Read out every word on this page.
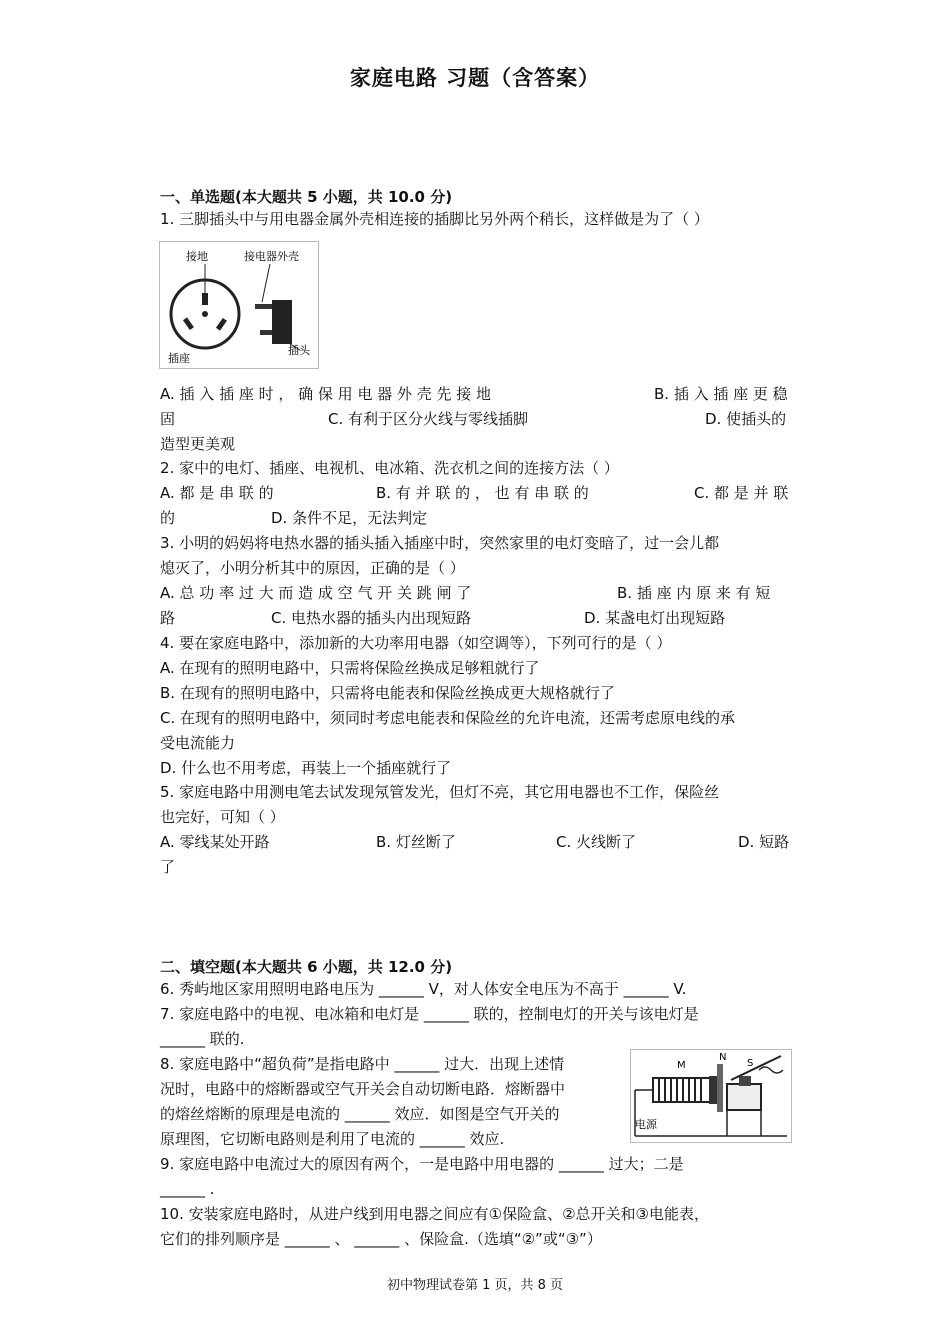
家庭电路 习题（含答案）
一、单选题(本大题共 5 小题，共 10.0 分)
1. 三脚插头中与用电器金属外壳相连接的插脚比另外两个稍长，这样做是为了（ ）
接地	接电器外壳
插座
插头
A. 插 入 插 座 时 ， 确 保 用 电 器 外 壳 先 接 地	B. 插 入 插 座 更 稳
固	C. 有利于区分火线与零线插脚	D. 使插头的
造型更美观
2. 家中的电灯、插座、电视机、电冰箱、洗衣机之间的连接方法（ ）
A. 都 是 串 联 的	B. 有 并 联 的 ， 也 有 串 联 的	C. 都 是 并 联
的	D. 条件不足，无法判定
3. 小明的妈妈将电热水器的插头插入插座中时，突然家里的电灯变暗了，过一会儿都
熄灭了，小明分析其中的原因，正确的是（ ）
A. 总 功 率 过 大 而 造 成 空 气 开 关 跳 闸 了	B. 插 座 内 原 来 有 短
路	C. 电热水器的插头内出现短路	D. 某盏电灯出现短路
4. 要在家庭电路中，添加新的大功率用电器（如空调等），下列可行的是（ ）
A. 在现有的照明电路中，只需将保险丝换成足够粗就行了
B. 在现有的照明电路中，只需将电能表和保险丝换成更大规格就行了
C. 在现有的照明电路中，须同时考虑电能表和保险丝的允许电流，还需考虑原电线的承
受电流能力
D. 什么也不用考虑，再装上一个插座就行了
5. 家庭电路中用测电笔去试发现氖管发光，但灯不亮，其它用电器也不工作，保险丝
也完好，可知（ ）
A. 零线某处开路	B. 灯丝断了	C. 火线断了	D. 短路
了
二、填空题(本大题共 6 小题，共 12.0 分)
6. 秀屿地区家用照明电路电压为 ______ V，对人体安全电压为不高于 ______ V.
7. 家庭电路中的电视、电冰箱和电灯是 ______ 联的，控制电灯的开关与该电灯是
______ 联的.
8. 家庭电路中“超负荷”是指电路中 ______ 过大．出现上述情
况时，电路中的熔断器或空气开关会自动切断电路．熔断器中
的熔丝熔断的原理是电流的 ______ 效应．如图是空气开关的
原理图，它切断电路则是利用了电流的 ______ 效应.
M
N
S
电源
9. 家庭电路中电流过大的原因有两个，一是电路中用电器的 ______ 过大；二是
______ .
10. 安装家庭电路时，从进户线到用电器之间应有①保险盒、②总开关和③电能表，
它们的排列顺序是 ______ 、 ______ 、保险盒.（选填“②”或“③”）
初中物理试卷第 1 页，共 8 页
